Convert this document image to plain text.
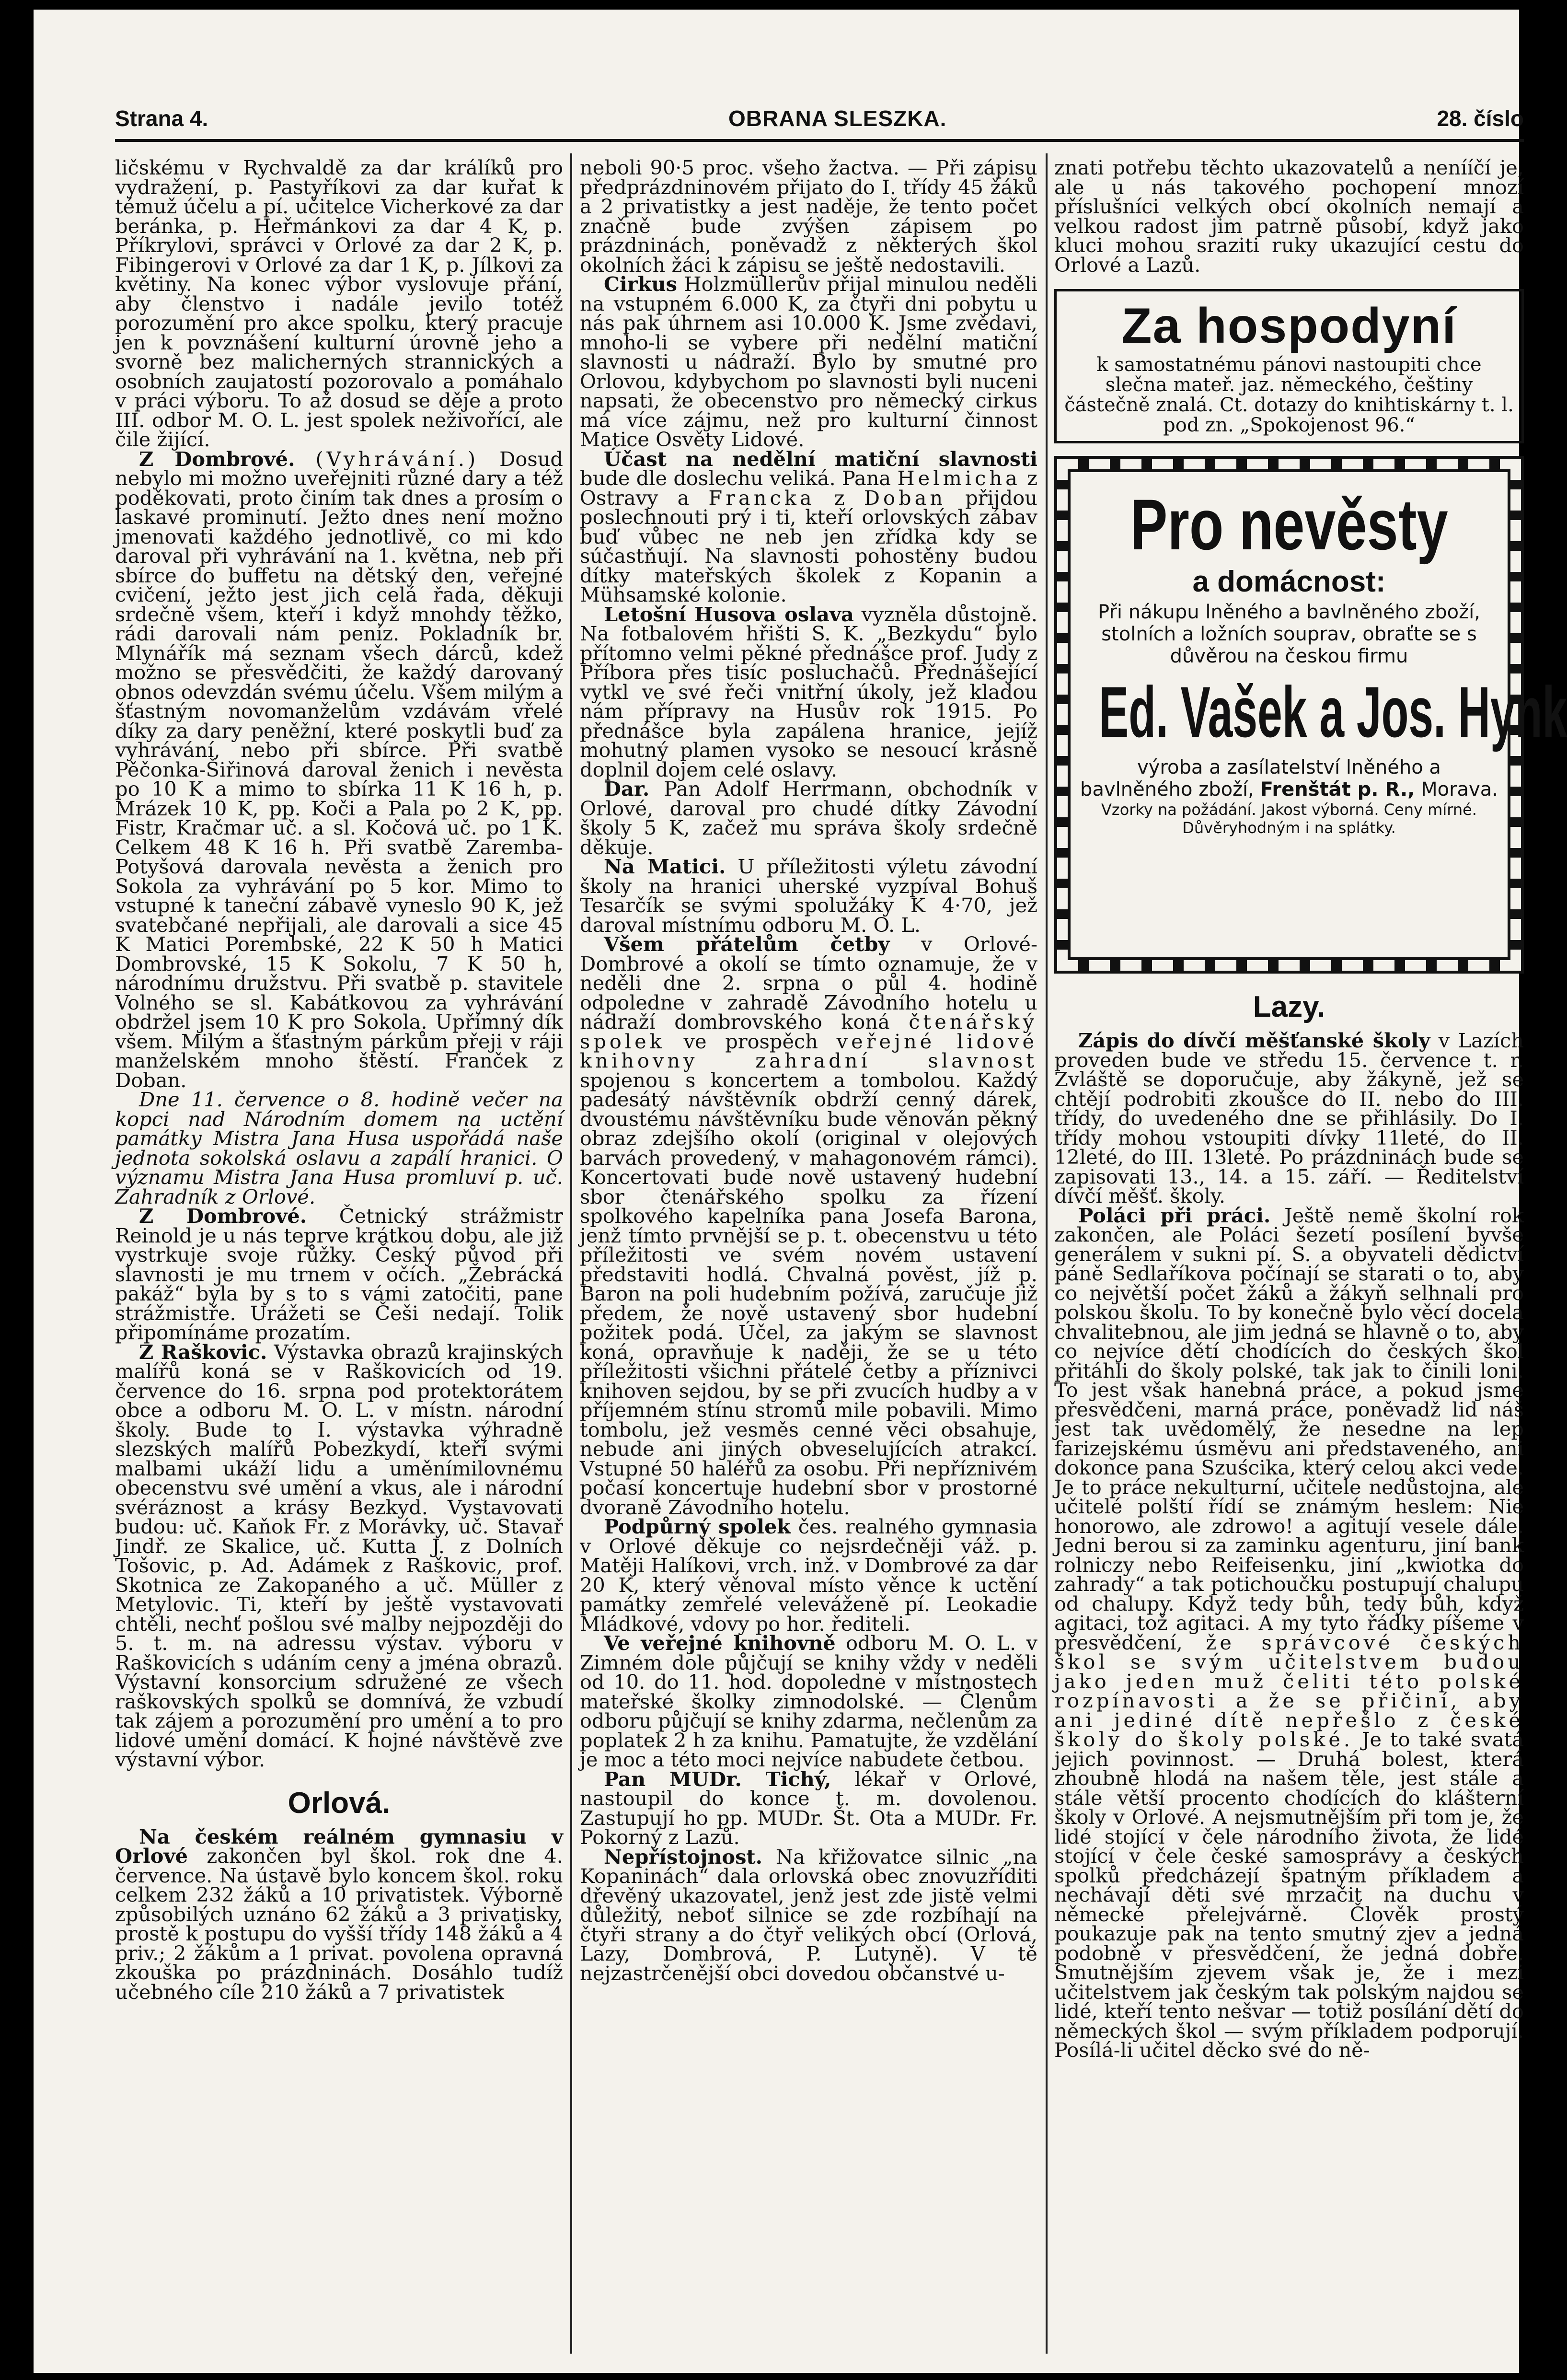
Strana 4.	OBRANA SLESZKA.	28. číslo

ličskému v Rychvaldě za dar králíků pro vydražení, p. Pastyříkovi za dar kuřat k témuž účelu a pí. učitelce Vicherkové za dar beránka, p. Heřmánkovi za dar 4 K, p. Příkrylovi, správci v Orlové za dar 2 K, p. Fibingerovi v Orlové za dar 1 K, p. Jílkovi za květiny. Na konec výbor vyslovuje přání, aby členstvo i nadále jevilo totéž porozumění pro akce spolku, který pracuje jen k povznášení kulturní úrovně jeho a svorně bez malicherných strannických a osobních zaujatostí pozorovalo a pomáhalo v práci výboru. To až dosud se děje a proto III. odbor M. O. L. jest spolek neživořící, ale čile žijící.

Z Dombrové. (Vyhrávání.) Dosud nebylo mi možno uveřejniti různé dary a též poděkovati, proto činím tak dnes a prosím o laskavé prominutí. Ježto dnes není možno jmenovati každého jednotlivě, co mi kdo daroval při vyhrávání na 1. května, neb při sbírce do buffetu na dětský den, veřejné cvičení, ježto jest jich celá řada, děkuji srdečně všem, kteří i když mnohdy těžko, rádi darovali nám peníz. Pokladník br. Mlynářík má seznam všech dárců, kdež možno se přesvědčiti, že každý darovaný obnos odevzdán svému účelu. Všem milým a šťastným novomanželům vzdávám vřelé díky za dary peněžní, které poskytli buď za vyhrávání, nebo při sbírce. Při svatbě Pěčonka-Šiřinová daroval ženich i nevěsta po 10 K a mimo to sbírka 11 K 16 h, p. Mrázek 10 K, pp. Koči a Pala po 2 K, pp. Fistr, Kračmar uč. a sl. Kočová uč. po 1 K. Celkem 48 K 16 h. Při svatbě Zaremba-Potyšová darovala nevěsta a ženich pro Sokola za vyhrávání po 5 kor. Mimo to vstupné k taneční zábavě vyneslo 90 K, jež svatebčané nepřijali, ale darovali a sice 45 K Matici Porembské, 22 K 50 h Matici Dombrovské, 15 K Sokolu, 7 K 50 h, národnímu družstvu. Při svatbě p. stavitele Volného se sl. Kabátkovou za vyhrávání obdržel jsem 10 K pro Sokola. Upřímný dík všem. Milým a šťastným párkům přeji v ráji manželském mnoho štěstí. Franček z Doban.

Dne 11. července o 8. hodině večer na kopci nad Národním domem na uctění památky Mistra Jana Husa uspořádá naše jednota sokolská oslavu a zapálí hranici. O významu Mistra Jana Husa promluví p. uč. Zahradník z Orlové.

Z Dombrové. Četnický strážmistr Reinold je u nás teprve krátkou dobu, ale již vystrkuje svoje růžky. Český původ při slavnosti je mu trnem v očích. „Žebrácká pakáž“ byla by s to s vámi zatočiti, pane strážmistře. Urážeti se Češi nedají. Tolik připomínáme prozatím.

Z Raškovic. Výstavka obrazů krajinských malířů koná se v Raškovicích od 19. července do 16. srpna pod protektorátem obce a odboru M. O. L. v místn. národní školy. Bude to I. výstavka výhradně slezských malířů Pobezkydí, kteří svými malbami ukáží lidu a uměnímilovnému obecenstvu své umění a vkus, ale i národní svéráznost a krásy Bezkyd. Vystavovati budou: uč. Kaňok Fr. z Morávky, uč. Stavař Jindř. ze Skalice, uč. Kutta J. z Dolních Tošovic, p. Ad. Adámek z Raškovic, prof. Skotnica ze Zakopaného a uč. Müller z Metylovic. Ti, kteří by ještě vystavovati chtěli, nechť pošlou své malby nejpozději do 5. t. m. na adressu výstav. výboru v Raškovicích s udáním ceny a jména obrazů. Výstavní konsorcium sdružené ze všech raškovských spolků se domnívá, že vzbudí tak zájem a porozumění pro umění a to pro lidové umění domácí. K hojné návštěvě zve výstavní výbor.

Orlová.

Na českém reálném gymnasiu v Orlové zakončen byl škol. rok dne 4. července. Na ústavě bylo koncem škol. roku celkem 232 žáků a 10 privatistek. Výborně způsobilých uznáno 62 žáků a 3 privatisky, prostě k postupu do vyšší třídy 148 žáků a 4 priv.; 2 žákům a 1 privat. povolena opravná zkouška po prázdninách. Dosáhlo tudíž učebného cíle 210 žáků a 7 privatistek

neboli 90·5 proc. všeho žactva. — Při zápisu předprázdninovém přijato do I. třídy 45 žáků a 2 privatistky a jest naděje, že tento počet značně bude zvýšen zápisem po prázdninách, poněvadž z některých škol okolních žáci k zápisu se ještě nedostavili.

Cirkus Holzmüllerův přijal minulou neděli na vstupném 6.000 K, za čtyři dni pobytu u nás pak úhrnem asi 10.000 K. Jsme zvědavi, mnoho-li se vybere při nedělní matiční slavnosti u nádraží. Bylo by smutné pro Orlovou, kdybychom po slavnosti byli nuceni napsati, že obecenstvo pro německý cirkus má více zájmu, než pro kulturní činnost Matice Osvěty Lidové.

Účast na nedělní matiční slavnosti bude dle doslechu veliká. Pana Helmicha z Ostravy a Francka z Doban přijdou poslechnouti prý i ti, kteří orlovských zábav buď vůbec ne neb jen zřídka kdy se súčastňují. Na slavnosti pohostěny budou dítky mateřských školek z Kopanin a Mühsamské kolonie.

Letošní Husova oslava vyzněla důstojně. Na fotbalovém hřišti S. K. „Bezkydu“ bylo přítomno velmi pěkné přednášce prof. Judy z Příbora přes tisíc posluchačů. Přednášející vytkl ve své řeči vnitřní úkoly, jež kladou nám přípravy na Husův rok 1915. Po přednášce byla zapálena hranice, jejíž mohutný plamen vysoko se nesoucí krásně doplnil dojem celé oslavy.

Dar. Pan Adolf Herrmann, obchodník v Orlové, daroval pro chudé dítky Závodní školy 5 K, začež mu správa školy srdečně děkuje.

Na Matici. U příležitosti výletu závodní školy na hranici uherské vyzpíval Bohuš Tesarčík se svými spolužáky K 4·70, jež daroval místnímu odboru M. O. L.

Všem přátelům četby v Orlové-Dombrové a okolí se tímto oznamuje, že v neděli dne 2. srpna o půl 4. hodině odpoledne v zahradě Závodního hotelu u nádraží dombrovského koná čtenářský spolek ve prospěch veřejné lidové knihovny zahradní slavnost spojenou s koncertem a tombolou. Každý padesátý návštěvník obdrží cenný dárek, dvoustému návštěvníku bude věnován pěkný obraz zdejšího okolí (original v olejových barvách provedený, v mahagonovém rámci). Koncertovati bude nově ustavený hudební sbor čtenářského spolku za řízení spolkového kapelníka pana Josefa Barona, jenž tímto prvnější se p. t. obecenstvu u této příležitosti ve svém novém ustavení představiti hodlá. Chvalná pověst, jíž p. Baron na poli hudebním požívá, zaručuje již předem, že nově ustavený sbor hudební požitek podá. Účel, za jakým se slavnost koná, opravňuje k naději, že se u této příležitosti všichni přátelé četby a příznivci knihoven sejdou, by se při zvucích hudby a v příjemném stínu stromů mile pobavili. Mimo tombolu, jež vesměs cenné věci obsahuje, nebude ani jiných obveselujících atrakcí. Vstupné 50 haléřů za osobu. Při nepříznivém počasí koncertuje hudební sbor v prostorné dvoraně Závodního hotelu.

Podpůrný spolek čes. realného gymnasia v Orlové děkuje co nejsrdečněji váž. p. Matěji Halíkovi, vrch. inž. v Dombrové za dar 20 K, který věnoval místo věnce k uctění památky zemřelé veleváženě pí. Leokadie Mládkové, vdovy po hor. řediteli.

Ve veřejné knihovně odboru M. O. L. v Zimném dole půjčují se knihy vždy v neděli od 10. do 11. hod. dopoledne v místnostech mateřské školky zimnodolské. — Členům odboru půjčují se knihy zdarma, nečlenům za poplatek 2 h za knihu. Pamatujte, že vzdělání je moc a této moci nejvíce nabudete četbou.

Pan MUDr. Tichý, lékař v Orlové, nastoupil do konce t. m. dovolenou. Zastupují ho pp. MUDr. Št. Ota a MUDr. Fr. Pokorný z Lazů.

Nepřístojnost. Na křižovatce silnic „na Kopaninách“ dala orlovská obec znovuzříditi dřevěný ukazovatel, jenž jest zde jistě velmi důležitý, neboť silnice se zde rozbíhají na čtyři strany a do čtyř velikých obcí (Orlová, Lazy, Dombrová, P. Lutyně). V tě nejzastrčenější obci dovedou občanstvé u-

znati potřebu těchto ukazovatelů a nenííčí je, ale u nás takového pochopení mnozí příslušníci velkých obcí okolních nemají a velkou radost jim patrně působí, když jako kluci mohou sraziti ruky ukazující cestu do Orlové a Lazů.

Za hospodyní
k samostatnému pánovi nastoupiti chce slečna mateř. jaz. německého, češtiny částečně znalá. Ct. dotazy do knihtiskárny t. l. pod zn. „Spokojenost 96.“
Pro nevěsty
a domácnost:
Při nákupu lněného a bavlněného zboží, stolních a ložních souprav, obraťte se s důvěrou na českou firmu
Ed. Vašek a Jos. Hynk
výroba a zasílatelství lněného a bavlněného zboží, Frenštát p. R., Morava.
Vzorky na požádání. Jakost výborná. Ceny mírné.
Důvěryhodným i na splátky.
Lazy.

Zápis do dívčí měšťanské školy v Lazích proveden bude ve středu 15. července t. r. Zvláště se doporučuje, aby žákyně, jež se chtějí podrobiti zkoušce do II. nebo do III. třídy, do uvedeného dne se přihlásily. Do I. třídy mohou vstoupiti dívky 11leté, do II. 12leté, do III. 13leté. Po prázdninách bude se zapisovati 13., 14. a 15. září. — Ředitelství dívčí měšť. školy.

Poláci při práci. Ještě nemě školní rok zakončen, ale Poláci šezetí posílení byvše generálem v sukni pí. S. a obyvateli dědictví páně Sedlaříkova počínají se starati o to, aby co největší počet žáků a žákyň selhnali pro polskou školu. To by konečně bylo věcí docela chvalitebnou, ale jim jedná se hlavně o to, aby co nejvíce dětí chodících do českých škol přitáhli do školy polské, tak jak to činili loni. To jest však hanebná práce, a pokud jsme přesvědčeni, marná práce, poněvadž lid náš jest tak uvědomělý, že nesedne na lep farizejskému úsměvu ani představeného, ani dokonce pana Szuścika, který celou akci vede. Je to práce nekulturní, učitele nedůstojna, ale učitelé polští řídí se známým heslem: Nie honorowo, ale zdrowo! a agitují vesele dále. Jedni berou si za zaminku agenturu, jiní bank rolniczy nebo Reifeisenku, jiní „kwiotka do zahrady“ a tak potichoučku postupují chalupu od chalupy. Když tedy bůh, tedy bůh, když agitaci, tož agitaci. A my tyto řádky píšeme v přesvědčení, že správcové českých škol se svým učitelstvem budou jako jeden muž čeliti této polské rozpínavosti a že se přičiní, aby ani jediné dítě nepřešlo z české školy do školy polské. Je to také svatá jejich povinnost. — Druhá bolest, která zhoubně hlodá na našem těle, jest stále a stále větší procento chodících do klášterní školy v Orlové. A nejsmutnějším při tom je, že lidé stojící v čele národního života, že lidé stojící v čele české samosprávy a českých spolků předcházejí špatným příkladem a nechávají děti své mrzačit na duchu v německé přelejvárně. Člověk prostý poukazuje pak na tento smutný zjev a jedná podobně v přesvědčení, že jedná dobře. Smutnějším zjevem však je, že i mezi učitelstvem jak českým tak polským najdou se lidé, kteří tento nešvar — totiž posílání dětí do německých škol — svým příkladem podporují. Posílá-li učitel děcko své do ně-
